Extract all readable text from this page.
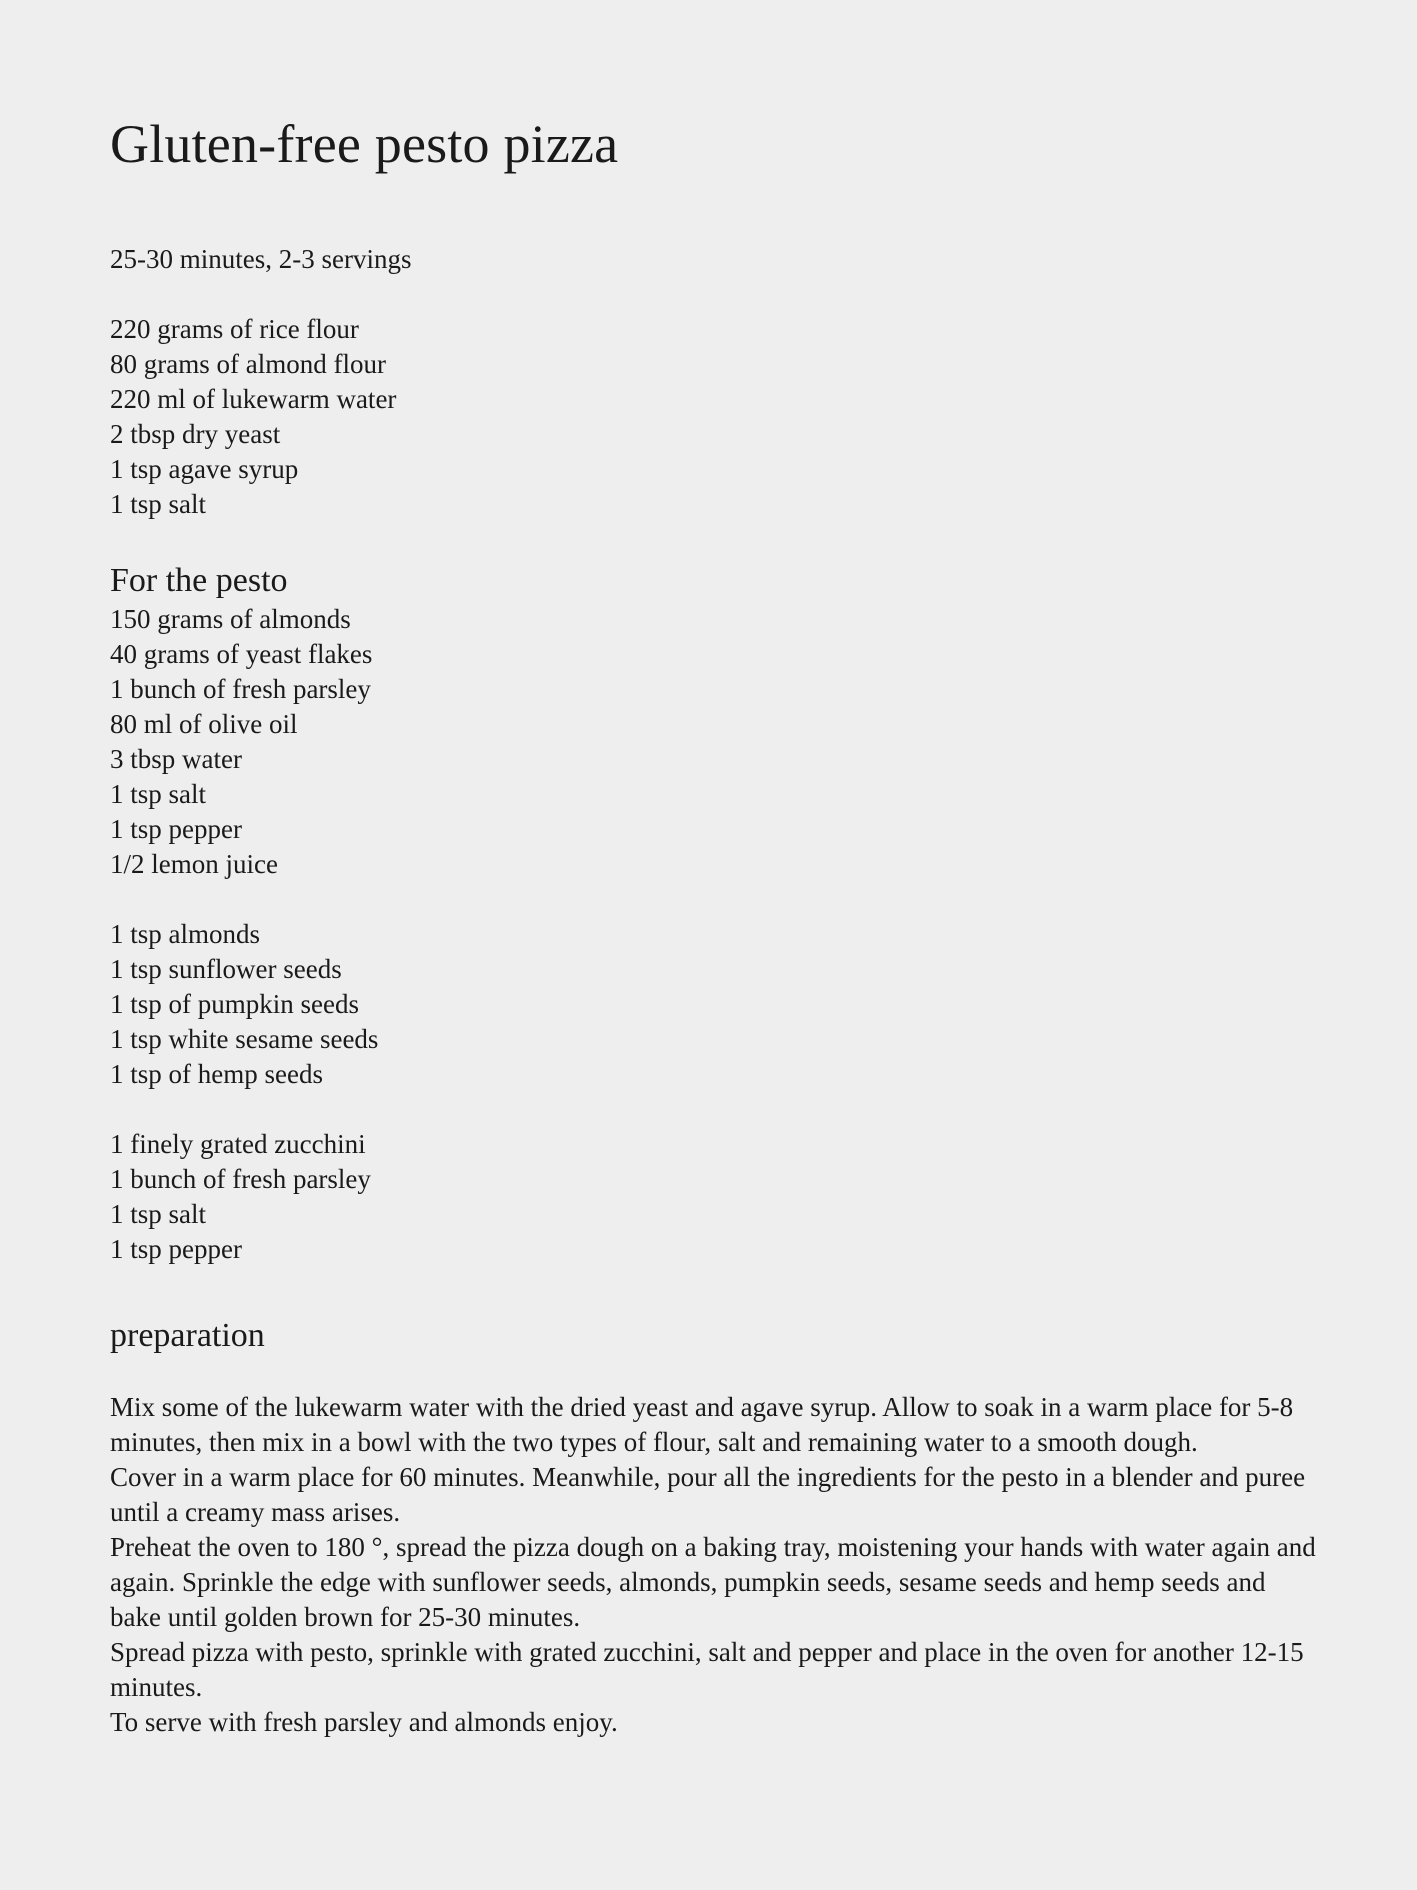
Gluten-free pesto pizza
25-30 minutes, 2-3 servings
220 grams of rice flour
80 grams of almond flour
220 ml of lukewarm water
2 tbsp dry yeast
1 tsp agave syrup
1 tsp salt
For the pesto
150 grams of almonds
40 grams of yeast flakes
1 bunch of fresh parsley
80 ml of olive oil
3 tbsp water
1 tsp salt
1 tsp pepper
1/2 lemon juice
1 tsp almonds
1 tsp sunflower seeds
1 tsp of pumpkin seeds
1 tsp white sesame seeds
1 tsp of hemp seeds
1 finely grated zucchini
1 bunch of fresh parsley
1 tsp salt
1 tsp pepper
preparation

Mix some of the lukewarm water with the dried yeast and agave syrup. Allow to soak in a warm place for 5-8 minutes, then mix in a bowl with the two types of flour, salt and remaining water to a smooth dough.

Cover in a warm place for 60 minutes. Meanwhile, pour all the ingredients for the pesto in a blender and puree until a creamy mass arises.

Preheat the oven to 180 °, spread the pizza dough on a baking tray, moistening your hands with water again and again. Sprinkle the edge with sunflower seeds, almonds, pumpkin seeds, sesame seeds and hemp seeds and bake until golden brown for 25-30 minutes.

Spread pizza with pesto, sprinkle with grated zucchini, salt and pepper and place in the oven for another 12-15 minutes.

To serve with fresh parsley and almonds enjoy.
